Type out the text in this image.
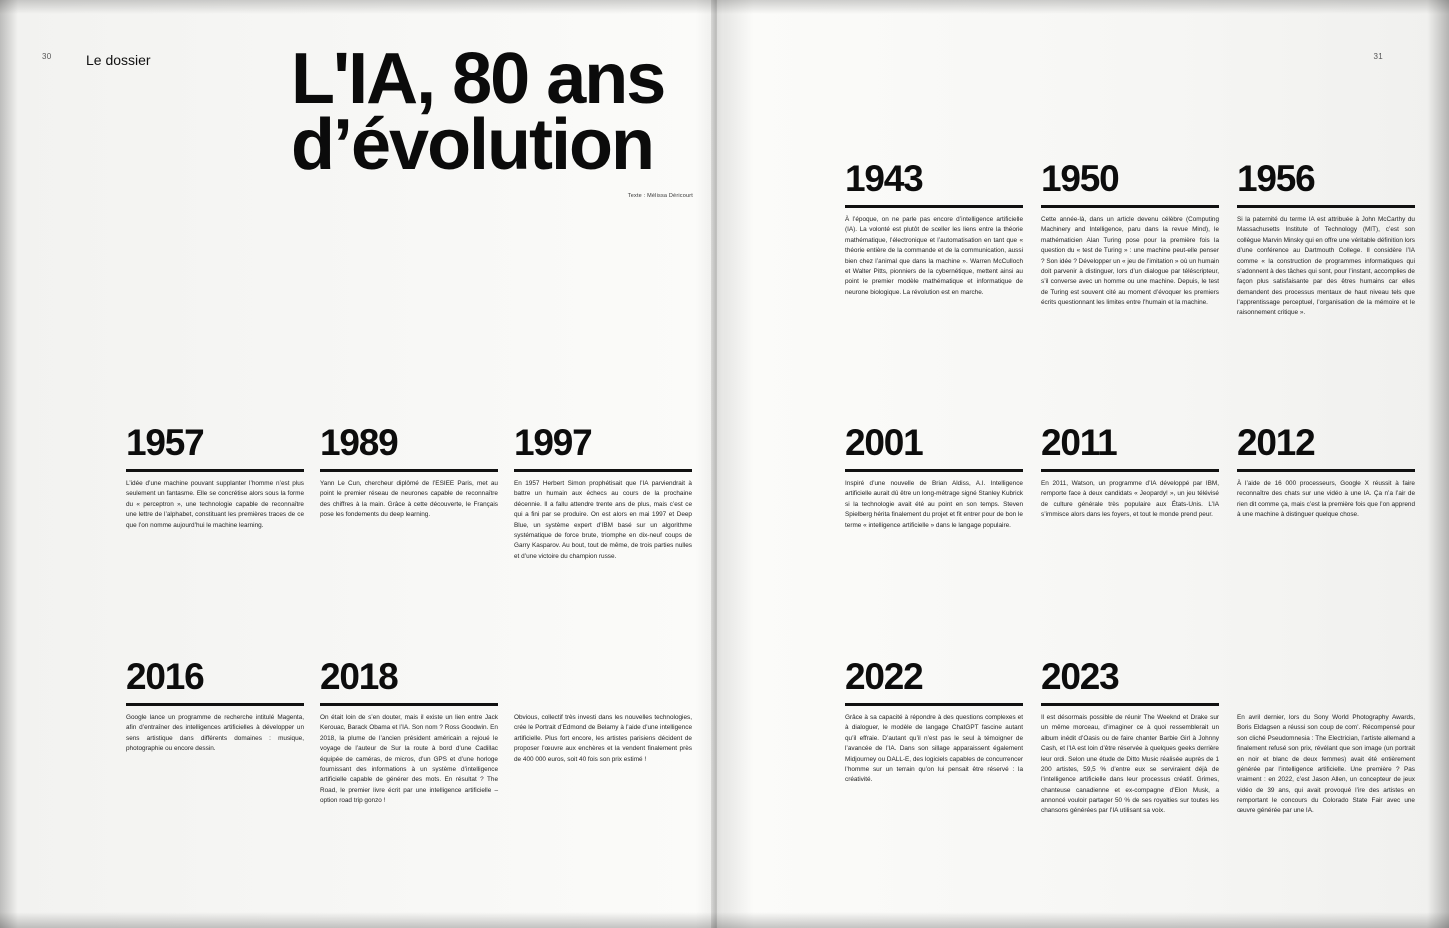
30 Le dossier L'IA, 80 ans
d’évolution
Texte : Mélissa Déricourt
1957
L’idée d’une machine pouvant supplanter l’homme n’est plus seulement un fantasme. Elle se concrétise alors sous la forme du « perceptron », une technologie capable de reconnaître une lettre de l’alphabet, constituant les premières traces de ce que l’on nomme aujourd’hui le machine learning.
1989
Yann Le Cun, chercheur diplômé de l’ESIEE Paris, met au point le premier réseau de neurones capable de reconnaître des chiffres à la main. Grâce à cette découverte, le Français pose les fondements du deep learning.
1997
En 1957 Herbert Simon prophétisait que l’IA parviendrait à battre un humain aux échecs au cours de la prochaine décennie. Il a fallu attendre trente ans de plus, mais c’est ce qui a fini par se produire. On est alors en mai 1997 et Deep Blue, un système expert d’IBM basé sur un algorithme systématique de force brute, triomphe en dix-neuf coups de Garry Kasparov. Au bout, tout de même, de trois parties nulles et d’une victoire du champion russe.
2016
Google lance un programme de recherche intitulé Magenta, afin d’entraîner des intelligences artificielles à développer un sens artistique dans différents domaines : musique, photographie ou encore dessin.
2018
On était loin de s’en douter, mais il existe un lien entre Jack Kerouac, Barack Obama et l’IA. Son nom ? Ross Goodwin. En 2018, la plume de l’ancien président américain a rejoué le voyage de l’auteur de Sur la route à bord d’une Cadillac équipée de caméras, de micros, d’un GPS et d’une horloge fournissant des informations à un système d’intelligence artificielle capable de générer des mots. En résultat ? The Road, le premier livre écrit par une intelligence artificielle – option road trip gonzo !
Obvious, collectif très investi dans les nouvelles technologies, crée le Portrait d’Edmond de Belamy à l’aide d’une intelligence artificielle. Plus fort encore, les artistes parisiens décident de proposer l’œuvre aux enchères et la vendent finalement près de 400 000 euros, soit 40 fois son prix estimé !
31
1943
À l’époque, on ne parle pas encore d’intelligence artificielle (IA). La volonté est plutôt de sceller les liens entre la théorie mathématique, l’électronique et l’automatisation en tant que « théorie entière de la commande et de la communication, aussi bien chez l’animal que dans la machine ». Warren McCulloch et Walter Pitts, pionniers de la cybernétique, mettent ainsi au point le premier modèle mathématique et informatique de neurone biologique. La révolution est en marche.
1950
Cette année-là, dans un article devenu célèbre (Computing Machinery and Intelligence, paru dans la revue Mind), le mathématicien Alan Turing pose pour la première fois la question du « test de Turing » : une machine peut-elle penser ? Son idée ? Développer un « jeu de l’imitation » où un humain doit parvenir à distinguer, lors d’un dialogue par téléscripteur, s’il converse avec un homme ou une machine. Depuis, le test de Turing est souvent cité au moment d’évoquer les premiers écrits questionnant les limites entre l’humain et la machine.
1956
Si la paternité du terme IA est attribuée à John McCarthy du Massachusetts Institute of Technology (MIT), c’est son collègue Marvin Minsky qui en offre une véritable définition lors d’une conférence au Dartmouth College. Il considère l’IA comme « la construction de programmes informatiques qui s’adonnent à des tâches qui sont, pour l’instant, accomplies de façon plus satisfaisante par des êtres humains car elles demandent des processus mentaux de haut niveau tels que l’apprentissage perceptuel, l’organisation de la mémoire et le raisonnement critique ».
2001
Inspiré d’une nouvelle de Brian Aldiss, A.I. Intelligence artificielle aurait dû être un long-métrage signé Stanley Kubrick si la technologie avait été au point en son temps. Steven Spielberg hérita finalement du projet et fit entrer pour de bon le terme « intelligence artificielle » dans le langage populaire.
2011
En 2011, Watson, un programme d’IA développé par IBM, remporte face à deux candidats « Jeopardy! », un jeu télévisé de culture générale très populaire aux États-Unis. L’IA s’immisce alors dans les foyers, et tout le monde prend peur.
2012
À l’aide de 16 000 processeurs, Google X réussit à faire reconnaître des chats sur une vidéo à une IA. Ça n’a l’air de rien dit comme ça, mais c’est la première fois que l’on apprend à une machine à distinguer quelque chose.
2022
Grâce à sa capacité à répondre à des questions complexes et à dialoguer, le modèle de langage ChatGPT fascine autant qu’il effraie. D’autant qu’il n’est pas le seul à témoigner de l’avancée de l’IA. Dans son sillage apparaissent également Midjourney ou DALL-E, des logiciels capables de concurrencer l’homme sur un terrain qu’on lui pensait être réservé : la créativité.
2023
Il est désormais possible de réunir The Weeknd et Drake sur un même morceau, d’imaginer ce à quoi ressemblerait un album inédit d’Oasis ou de faire chanter Barbie Girl à Johnny Cash, et l’IA est loin d’être réservée à quelques geeks derrière leur ordi. Selon une étude de Ditto Music réalisée auprès de 1 200 artistes, 59,5 % d’entre eux se serviraient déjà de l’intelligence artificielle dans leur processus créatif. Grimes, chanteuse canadienne et ex-compagne d’Elon Musk, a annoncé vouloir partager 50 % de ses royalties sur toutes les chansons générées par l’IA utilisant sa voix.
En avril dernier, lors du Sony World Photography Awards, Boris Eldagsen a réussi son coup de com’. Récompensé pour son cliché Pseudomnesia : The Electrician, l’artiste allemand a finalement refusé son prix, révélant que son image (un portrait en noir et blanc de deux femmes) avait été entièrement générée par l’intelligence artificielle. Une première ? Pas vraiment : en 2022, c’est Jason Allen, un concepteur de jeux vidéo de 39 ans, qui avait provoqué l’ire des artistes en remportant le concours du Colorado State Fair avec une œuvre générée par une IA.
